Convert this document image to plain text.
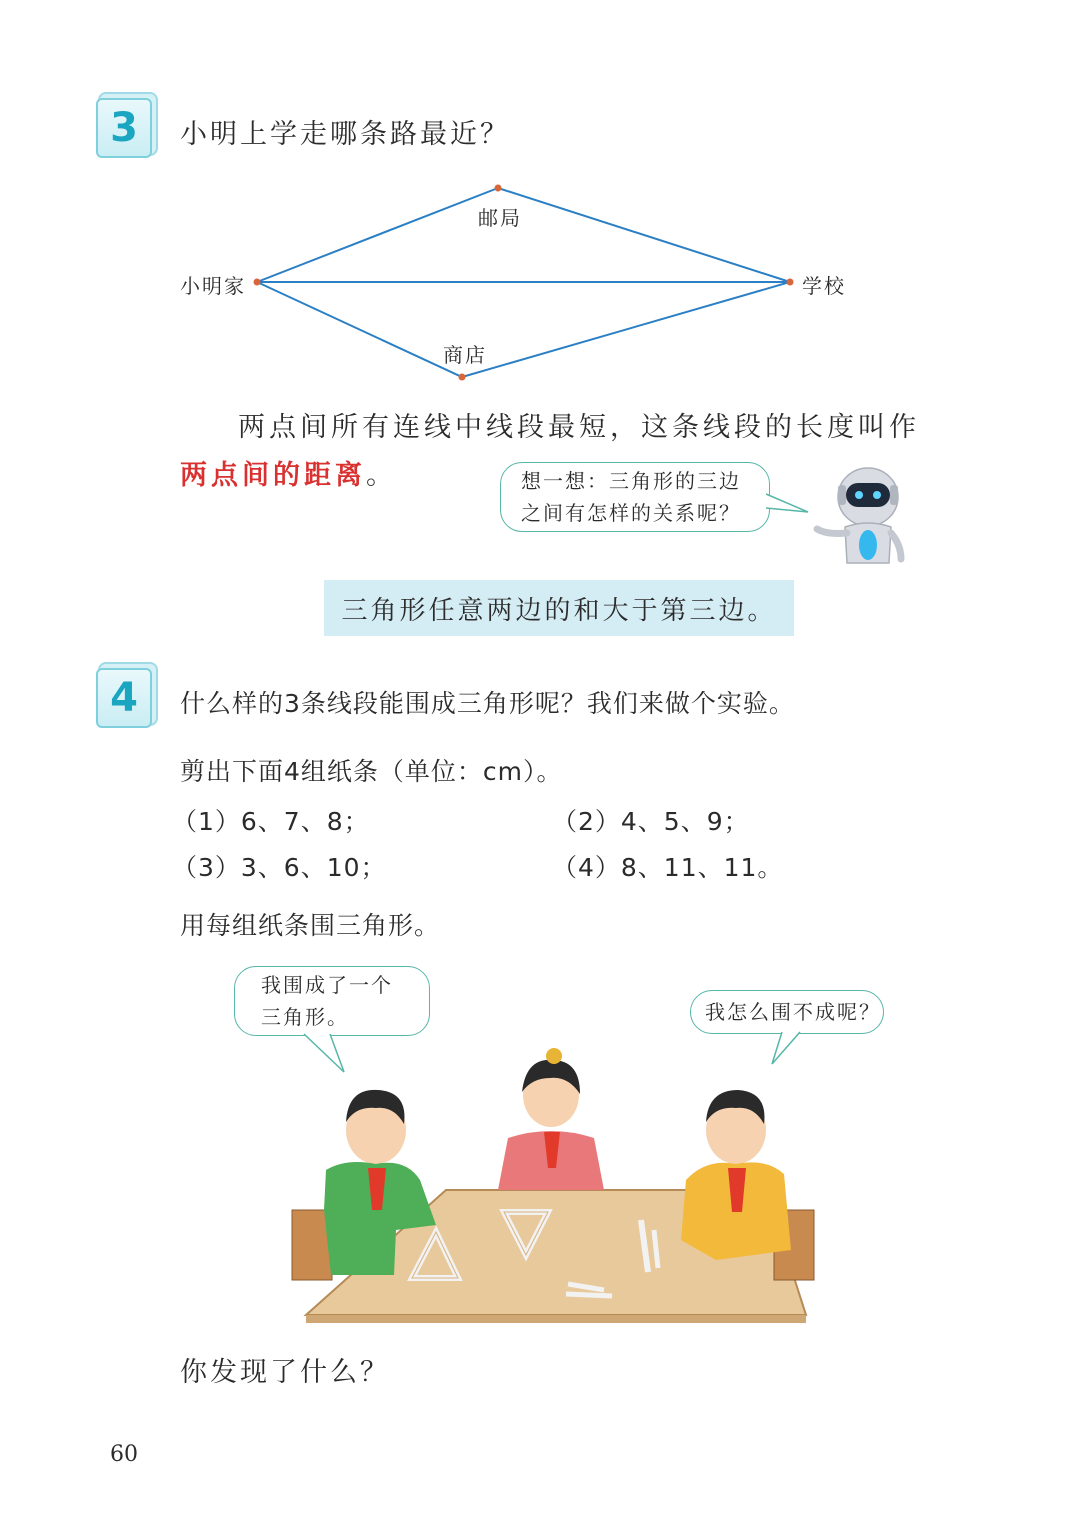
3 小明上学走哪条路最近？
小明家
邮局
学校
商店
两点间所有连线中线段最短，这条线段的长度叫作两点间的距离。	想一想：三角形的三边
之间有怎样的关系呢？
三角形任意两边的和大于第三边。
4 什么样的3条线段能围成三角形呢？我们来做个实验。
剪出下面4组纸条（单位：cm）。
（1）6、7、8；	（2）4、5、9；
（3）3、6、10；	（4）8、11、11。
用每组纸条围三角形。
我围成了一个
三角形。	我怎么围不成呢？
你发现了什么？
60
